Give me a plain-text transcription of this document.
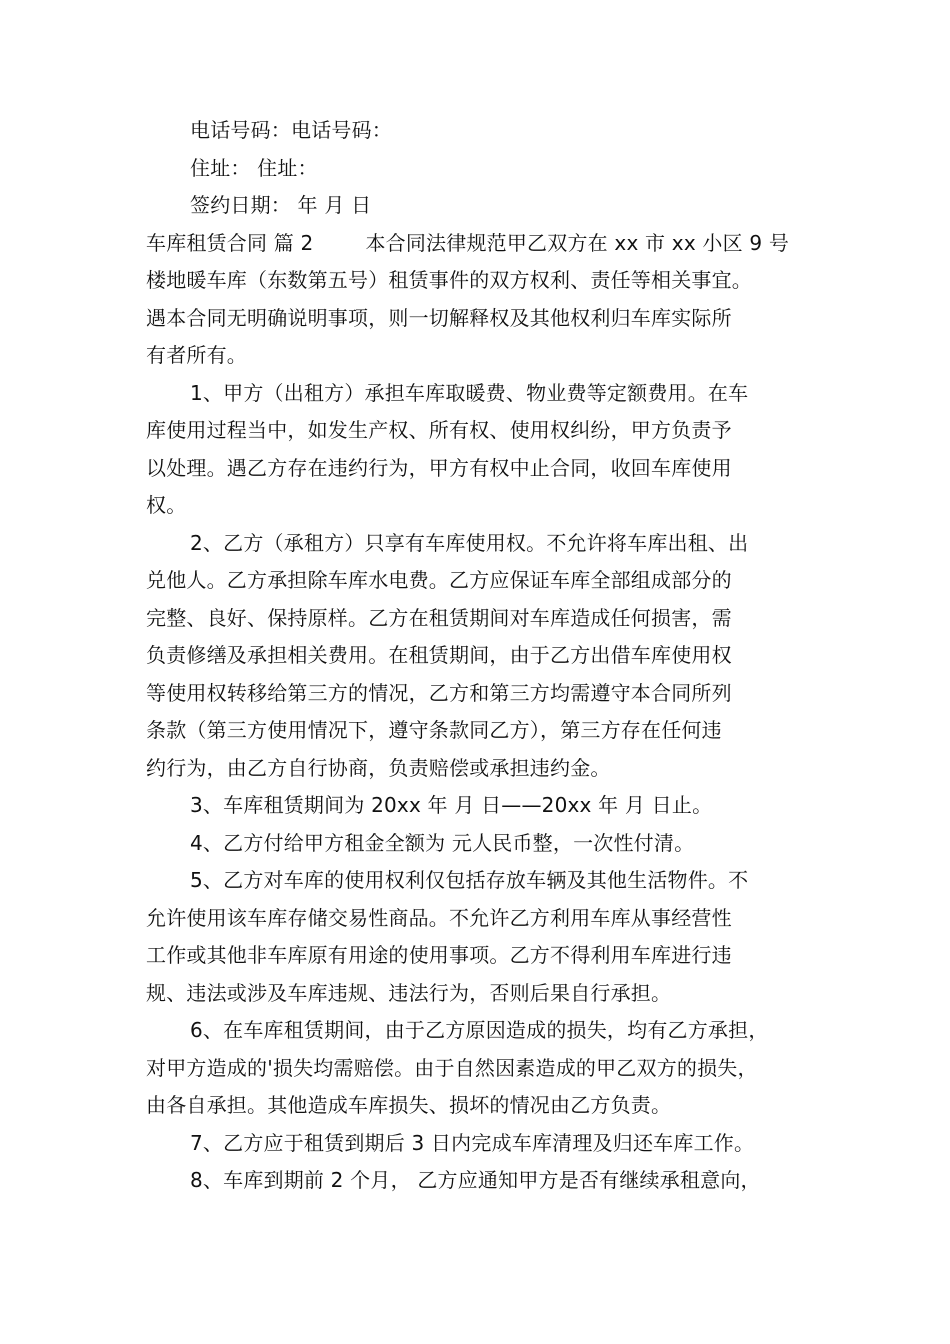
电话号码：电话号码：
住址： 住址：
签约日期： 年 月 日
车库租赁合同 篇 2	本合同法律规范甲乙双方在 xx 市 xx 小区 9 号
楼地暖车库（东数第五号）租赁事件的双方权利、责任等相关事宜。
遇本合同无明确说明事项，则一切解释权及其他权利归车库实际所
有者所有。
1、甲方（出租方）承担车库取暖费、物业费等定额费用。在车
库使用过程当中，如发生产权、所有权、使用权纠纷，甲方负责予
以处理。遇乙方存在违约行为，甲方有权中止合同，收回车库使用
权。
2、乙方（承租方）只享有车库使用权。不允许将车库出租、出
兑他人。乙方承担除车库水电费。乙方应保证车库全部组成部分的
完整、良好、保持原样。乙方在租赁期间对车库造成任何损害，需
负责修缮及承担相关费用。在租赁期间，由于乙方出借车库使用权
等使用权转移给第三方的情况，乙方和第三方均需遵守本合同所列
条款（第三方使用情况下，遵守条款同乙方），第三方存在任何违
约行为，由乙方自行协商，负责赔偿或承担违约金。
3、车库租赁期间为 20xx 年 月 日——20xx 年 月 日止。
4、乙方付给甲方租金全额为 元人民币整，一次性付清。
5、乙方对车库的使用权利仅包括存放车辆及其他生活物件。不
允许使用该车库存储交易性商品。不允许乙方利用车库从事经营性
工作或其他非车库原有用途的使用事项。乙方不得利用车库进行违
规、违法或涉及车库违规、违法行为，否则后果自行承担。
6、在车库租赁期间，由于乙方原因造成的损失，均有乙方承担，
对甲方造成的'损失均需赔偿。由于自然因素造成的甲乙双方的损失，
由各自承担。其他造成车库损失、损坏的情况由乙方负责。
7、乙方应于租赁到期后 3 日内完成车库清理及归还车库工作。
8、车库到期前 2 个月， 乙方应通知甲方是否有继续承租意向，
